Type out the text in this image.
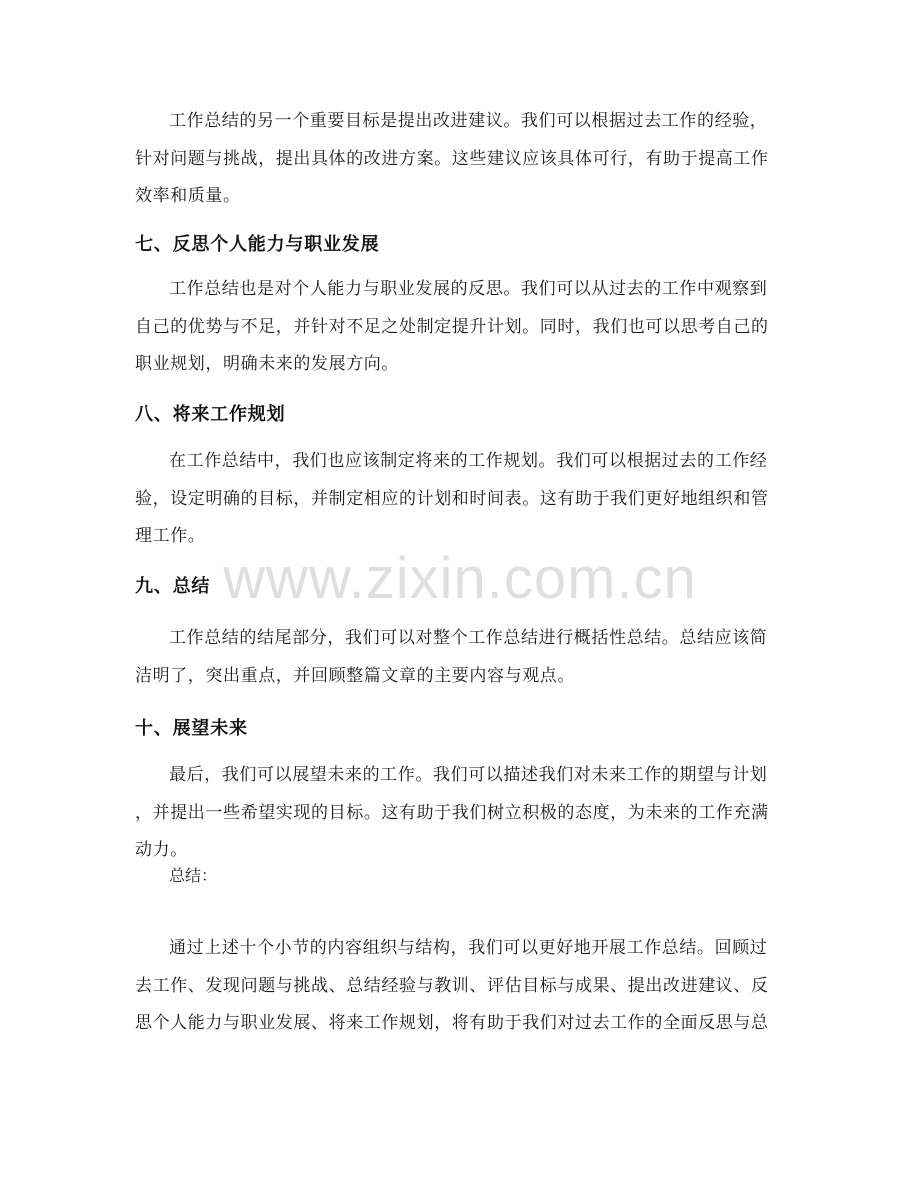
工作总结的另一个重要目标是提出改进建议。我们可以根据过去工作的经验，
针对问题与挑战，提出具体的改进方案。这些建议应该具体可行，有助于提高工作
效率和质量。

七、反思个人能力与职业发展

工作总结也是对个人能力与职业发展的反思。我们可以从过去的工作中观察到
自己的优势与不足，并针对不足之处制定提升计划。同时，我们也可以思考自己的
职业规划，明确未来的发展方向。

八、将来工作规划

在工作总结中，我们也应该制定将来的工作规划。我们可以根据过去的工作经
验，设定明确的目标，并制定相应的计划和时间表。这有助于我们更好地组织和管
理工作。

九、总结

工作总结的结尾部分，我们可以对整个工作总结进行概括性总结。总结应该简
洁明了，突出重点，并回顾整篇文章的主要内容与观点。

十、展望未来

最后，我们可以展望未来的工作。我们可以描述我们对未来工作的期望与计划
，并提出一些希望实现的目标。这有助于我们树立积极的态度，为未来的工作充满
动力。

总结：

通过上述十个小节的内容组织与结构，我们可以更好地开展工作总结。回顾过
去工作、发现问题与挑战、总结经验与教训、评估目标与成果、提出改进建议、反
思个人能力与职业发展、将来工作规划，将有助于我们对过去工作的全面反思与总

www.zixin.com.cn
